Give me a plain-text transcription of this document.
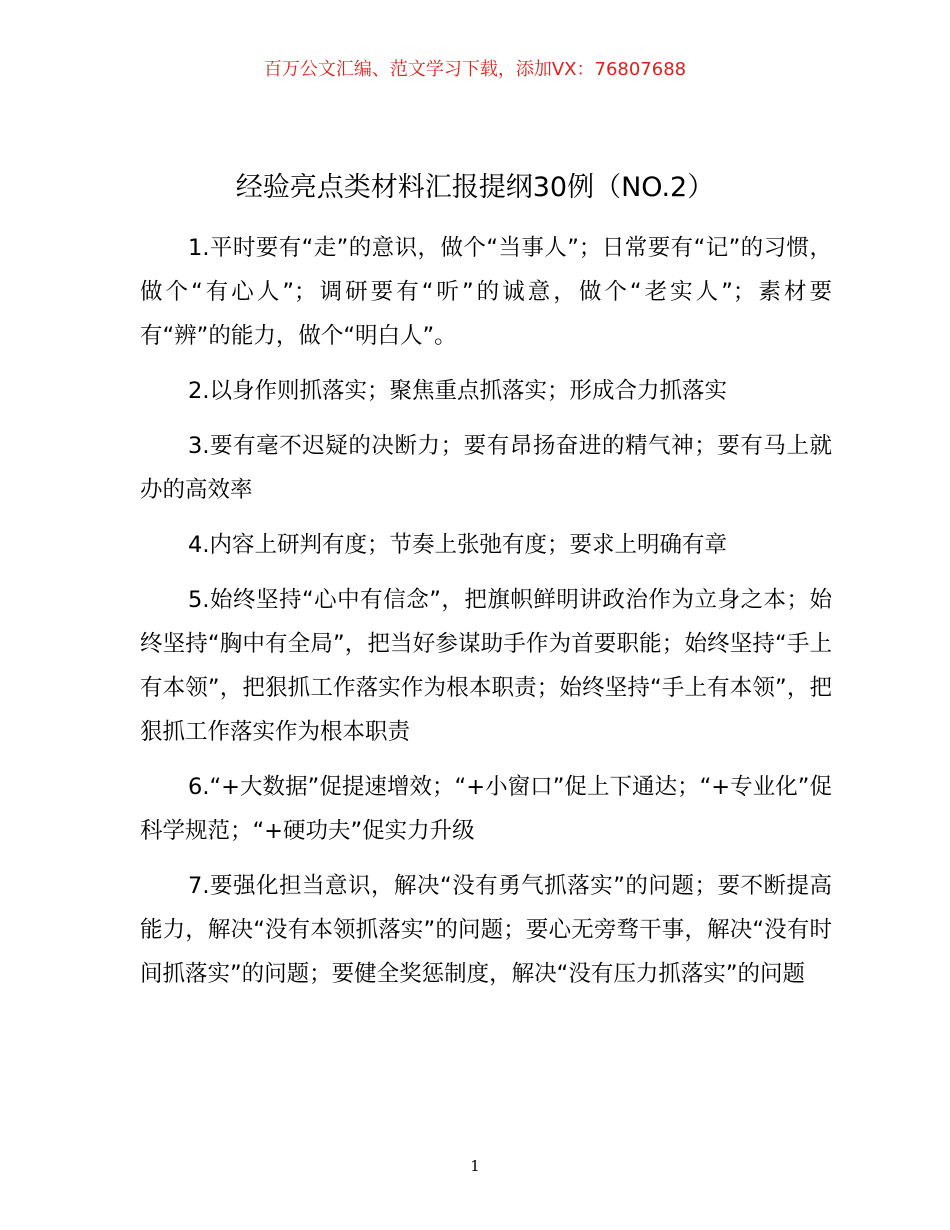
百万公文汇编、范文学习下载，添加VX：76807688
经验亮点类材料汇报提纲30例（NO.2）

1.平时要有“走”的意识，做个“当事人”；日常要有“记”的习惯，做个“有心人”；调研要有“听”的诚意，做个“老实人”；素材要有“辨”的能力，做个“明白人”。

2.以身作则抓落实；聚焦重点抓落实；形成合力抓落实

3.要有毫不迟疑的决断力；要有昂扬奋进的精气神；要有马上就办的高效率

4.内容上研判有度；节奏上张弛有度；要求上明确有章

5.始终坚持“心中有信念”，把旗帜鲜明讲政治作为立身之本；始终坚持“胸中有全局”，把当好参谋助手作为首要职能；始终坚持“手上有本领”，把狠抓工作落实作为根本职责；始终坚持“手上有本领”，把狠抓工作落实作为根本职责

6.“+大数据”促提速增效；“+小窗口”促上下通达；“+专业化”促科学规范；“+硬功夫”促实力升级

7.要强化担当意识，解决“没有勇气抓落实”的问题；要不断提高能力，解决“没有本领抓落实”的问题；要心无旁骛干事，解决“没有时间抓落实”的问题；要健全奖惩制度，解决“没有压力抓落实”的问题

1
